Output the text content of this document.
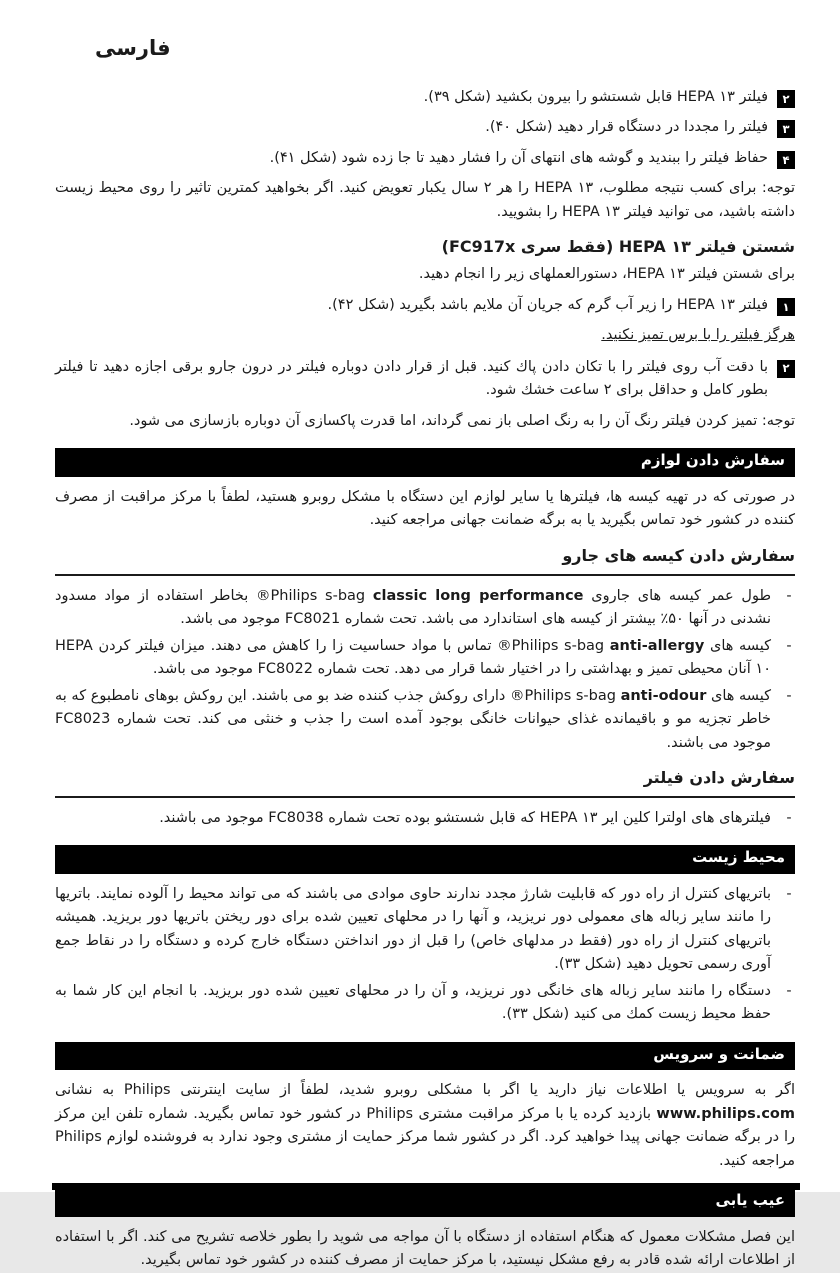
فارسی
۲
فیلتر HEPA ۱۳ قابل شستشو را بیرون بکشید (شکل ۳۹).
۳
فیلتر را مجددا در دستگاه قرار دهید (شکل ۴۰).
۴
حفاظ فیلتر را ببندید و گوشه های انتهای آن را فشار دهید تا جا زده شود (شکل ۴۱).

توجه: برای کسب نتیجه مطلوب، HEPA ۱۳ را هر ۲ سال یکبار تعویض کنید. اگر بخواهید کمترین تاثیر را روی محیط زیست داشته باشید، می توانید فیلتر HEPA ۱۳ را بشویید.

شستن فیلتر HEPA ۱۳ (فقط سری FC917x)

برای شستن فیلتر HEPA ۱۳، دستورالعملهای زیر را انجام دهید.

۱
فیلتر HEPA ۱۳ را زیر آب گرم که جریان آن ملایم باشد بگیرید (شکل ۴۲).

هرگز فیلتر را با برس تمیز نکنید.

۲
با دقت آب روی فیلتر را با تکان دادن پاك کنید. قبل از قرار دادن دوباره فیلتر در درون جارو برقی اجازه دهید تا فیلتر بطور کامل و حداقل برای ۲ ساعت خشك شود.

توجه: تمیز کردن فیلتر رنگ آن را به رنگ اصلی باز نمی گرداند، اما قدرت پاکسازی آن دوباره بازسازی می شود.

سفارش دادن لوازم

در صورتی که در تهیه کیسه ها، فیلترها یا سایر لوازم این دستگاه با مشکل روبرو هستید، لطفاً با مرکز مراقبت از مصرف کننده در کشور خود تماس بگیرید یا به برگه ضمانت جهانی مراجعه کنید.

سفارش دادن کیسه های جارو
-
طول عمر کیسه های جاروی Philips s-bag classic long performance® بخاطر استفاده از مواد مسدود نشدنی در آنها ۵۰٪ بیشتر از کیسه های استاندارد می باشد. تحت شماره FC8021 موجود می باشد.
-
کیسه های Philips s-bag anti-allergy® تماس با مواد حساسیت زا را کاهش می دهند. میزان فیلتر کردن HEPA ۱۰ آنان محیطی تمیز و بهداشتی را در اختیار شما قرار می دهد. تحت شماره FC8022 موجود می باشد.
-
کیسه های Philips s-bag anti-odour® دارای روکش جذب کننده ضد بو می باشند. این روکش بوهای نامطبوع که به خاطر تجزیه مو و باقیمانده غذای حیوانات خانگی بوجود آمده است را جذب و خنثی می کند. تحت شماره FC8023 موجود می باشند.
سفارش دادن فیلتر
-
فیلترهای های اولترا کلین ایر HEPA ۱۳ که قابل شستشو بوده تحت شماره FC8038 موجود می باشند.
محیط زیست
-
باتریهای کنترل از راه دور که قابلیت شارژ مجدد ندارند حاوی موادی می باشند که می تواند محیط را آلوده نمایند. باتریها را مانند سایر زباله های معمولی دور نریزید، و آنها را در محلهای تعیین شده برای دور ریختن باتریها دور بریزید. همیشه باتریهای کنترل از راه دور (فقط در مدلهای خاص) را قبل از دور انداختن دستگاه خارج کرده و دستگاه را در نقاط جمع آوری رسمی تحویل دهید (شکل ۳۳).
-
دستگاه را مانند سایر زباله های خانگی دور نریزید، و آن را در محلهای تعیین شده دور بریزید. با انجام این کار شما به حفظ محیط زیست کمك می کنید (شکل ۳۳).
ضمانت و سرویس

اگر به سرویس یا اطلاعات نیاز دارید یا اگر با مشکلی روبرو شدید، لطفاً از سایت اینترنتی Philips به نشانی www.philips.com بازدید کرده یا با مرکز مراقبت مشتری Philips در کشور خود تماس بگیرید. شماره تلفن این مرکز را در برگه ضمانت جهانی پیدا خواهید کرد. اگر در کشور شما مرکز حمایت از مشتری وجود ندارد به فروشنده لوازم Philips مراجعه کنید.

عیب یابی

این فصل مشکلات معمول که هنگام استفاده از دستگاه با آن مواجه می شوید را بطور خلاصه تشریح می کند. اگر با استفاده از اطلاعات ارائه شده قادر به رفع مشکل نیستید، با مرکز حمایت از مصرف کننده در کشور خود تماس بگیرید.
